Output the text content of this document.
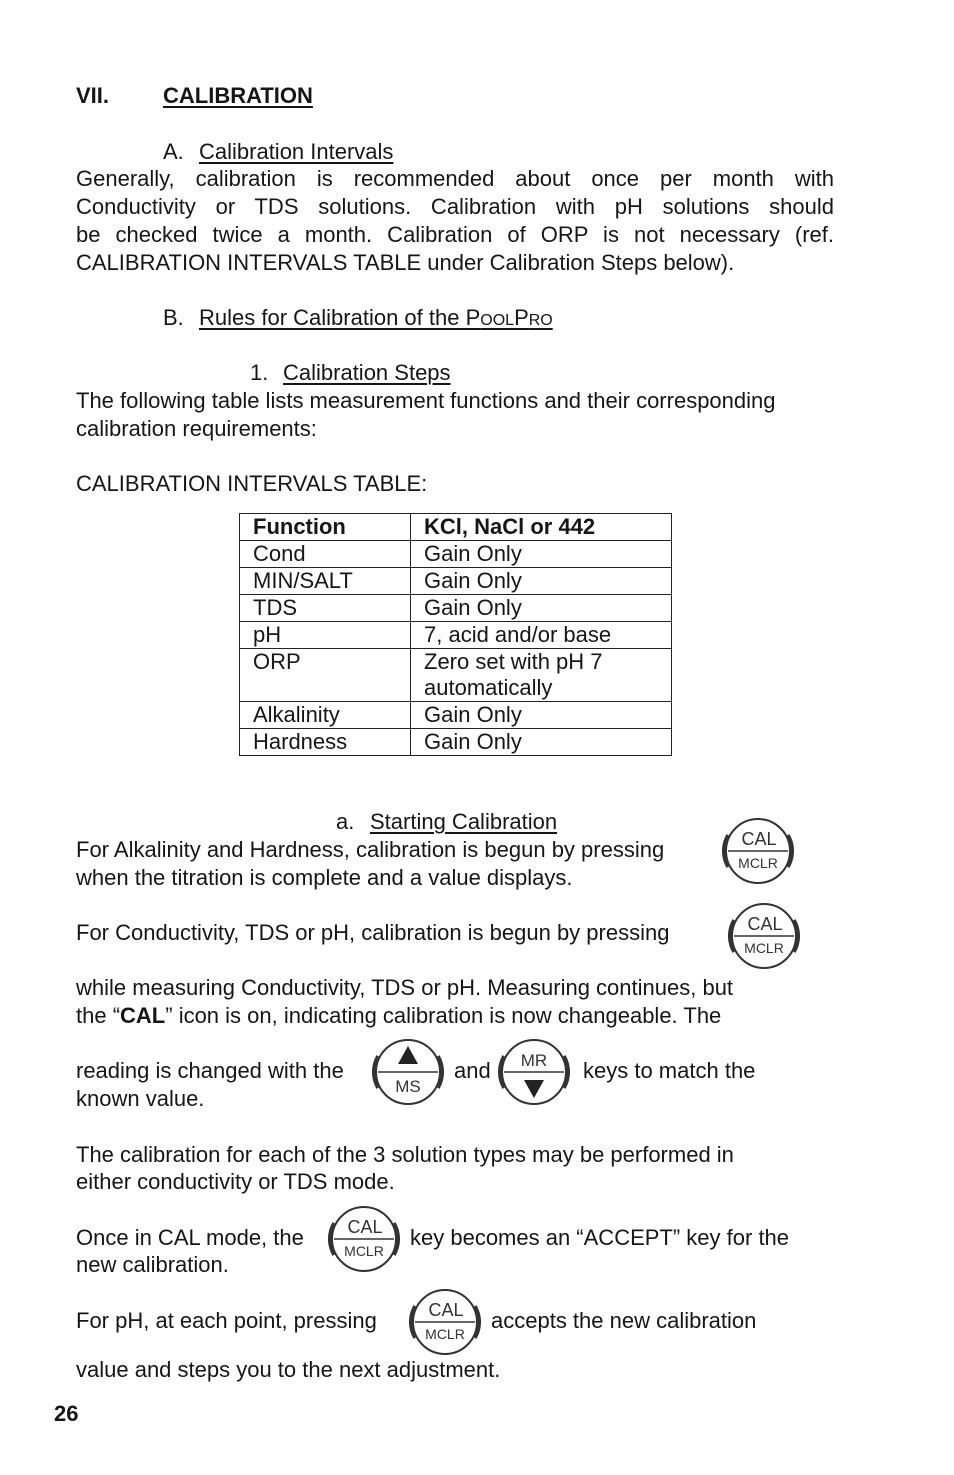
VII. CALIBRATION
A. Calibration Intervals
Generally, calibration is recommended about once per month with
Conductivity or TDS solutions. Calibration with pH solutions should
be checked twice a month. Calibration of ORP is not necessary (ref.
CALIBRATION INTERVALS TABLE under Calibration Steps below).
B. Rules for Calibration of the POOLPRO
1. Calibration Steps
The following table lists measurement functions and their corresponding
calibration requirements:
CALIBRATION INTERVALS TABLE:
Function	KCl, NaCl or 442
Cond	Gain Only
MIN/SALT	Gain Only
TDS	Gain Only
pH	7, acid and/or base
ORP	Zero set with pH 7
automatically

Alkalinity	Gain Only
Hardness	Gain Only
a. Starting Calibration
For Alkalinity and Hardness, calibration is begun by pressing
when the titration is complete and a value displays.
For Conductivity, TDS or pH, calibration is begun by pressing
while measuring Conductivity, TDS or pH. Measuring continues, but
the “CAL” icon is on, indicating calibration is now changeable. The
reading is changed with the	and	keys to match the
known value.
The calibration for each of the 3 solution types may be performed in
either conductivity or TDS mode.
Once in CAL mode, the	key becomes an “ACCEPT” key for the
new calibration.
For pH, at each point, pressing	accepts the new calibration
value and steps you to the next adjustment.
26
CAL
MCLR
CAL
MCLR
CAL
MCLR
CAL
MCLR
MS
MR
